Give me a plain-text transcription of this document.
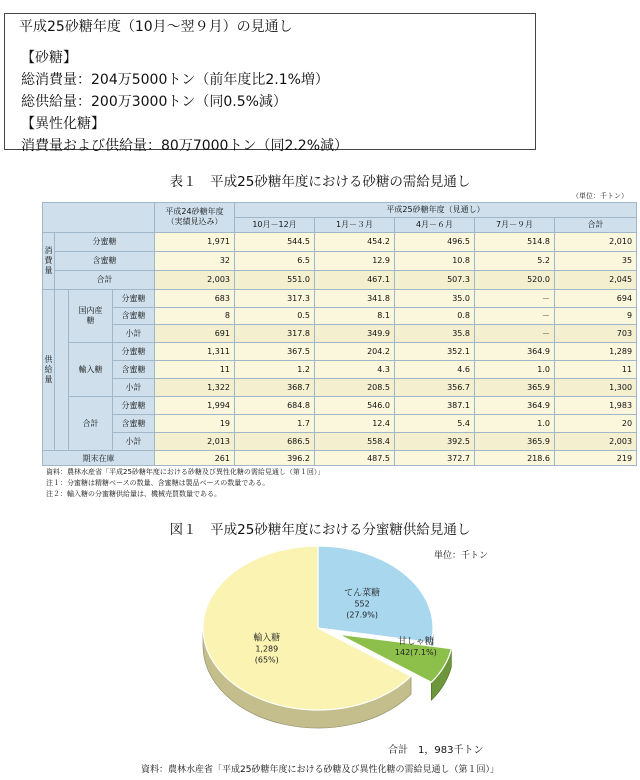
平成25砂糖年度（10月～翌９月）の見通し
【砂糖】
総消費量：204万5000トン（前年度比2.1%増）
総供給量：200万3000トン（同0.5%減）
【異性化糖】
消費量および供給量：80万7000トン（同2.2%減）
表１　平成25砂糖年度における砂糖の需給見通し
（単位：千トン）

				平成24砂糖年度
（実績見込み）	平成25砂糖年度（見通し）				
					10月－12月	1月－３月	4月－６月	7月－９月	合計
消費量	分蜜糖			1,971	544.5	454.2	496.5	514.8	2,010
	含蜜糖			32	6.5	12.9	10.8	5.2	35
	合計			2,003	551.0	467.1	507.3	520.0	2,045
供給量		国内産糖	分蜜糖	683	317.3	341.8	35.0	－	694
			含蜜糖	8	0.5	8.1	0.8	－	9
			小計	691	317.8	349.9	35.8	－	703
		輸入糖	分蜜糖	1,311	367.5	204.2	352.1	364.9	1,289
			含蜜糖	11	1.2	4.3	4.6	1.0	11
			小計	1,322	368.7	208.5	356.7	365.9	1,300
		合計	分蜜糖	1,994	684.8	546.0	387.1	364.9	1,983
			含蜜糖	19	1.7	12.4	5.4	1.0	20
			小計	2,013	686.5	558.4	392.5	365.9	2,003
期末在庫				261	396.2	487.5	372.7	218.6	219
資料：農林水産省「平成25砂糖年度における砂糖及び異性化糖の需給見通し（第１回）」
注１：分蜜糖は精糖ベースの数量、含蜜糖は製品ベースの数量である。
注２：輸入糖の分蜜糖供給量は、機械売買数量である。
図１　平成25砂糖年度における分蜜糖供給見通し
単位：千トン
てん菜糖
552
(27.9%)
甘しゃ糖
142(7.1%)
輸入糖
1,289
(65%)
合計　1，983千トン
資料：農林水産省「平成25砂糖年度における砂糖及び異性化糖の需給見通し（第１回）」
